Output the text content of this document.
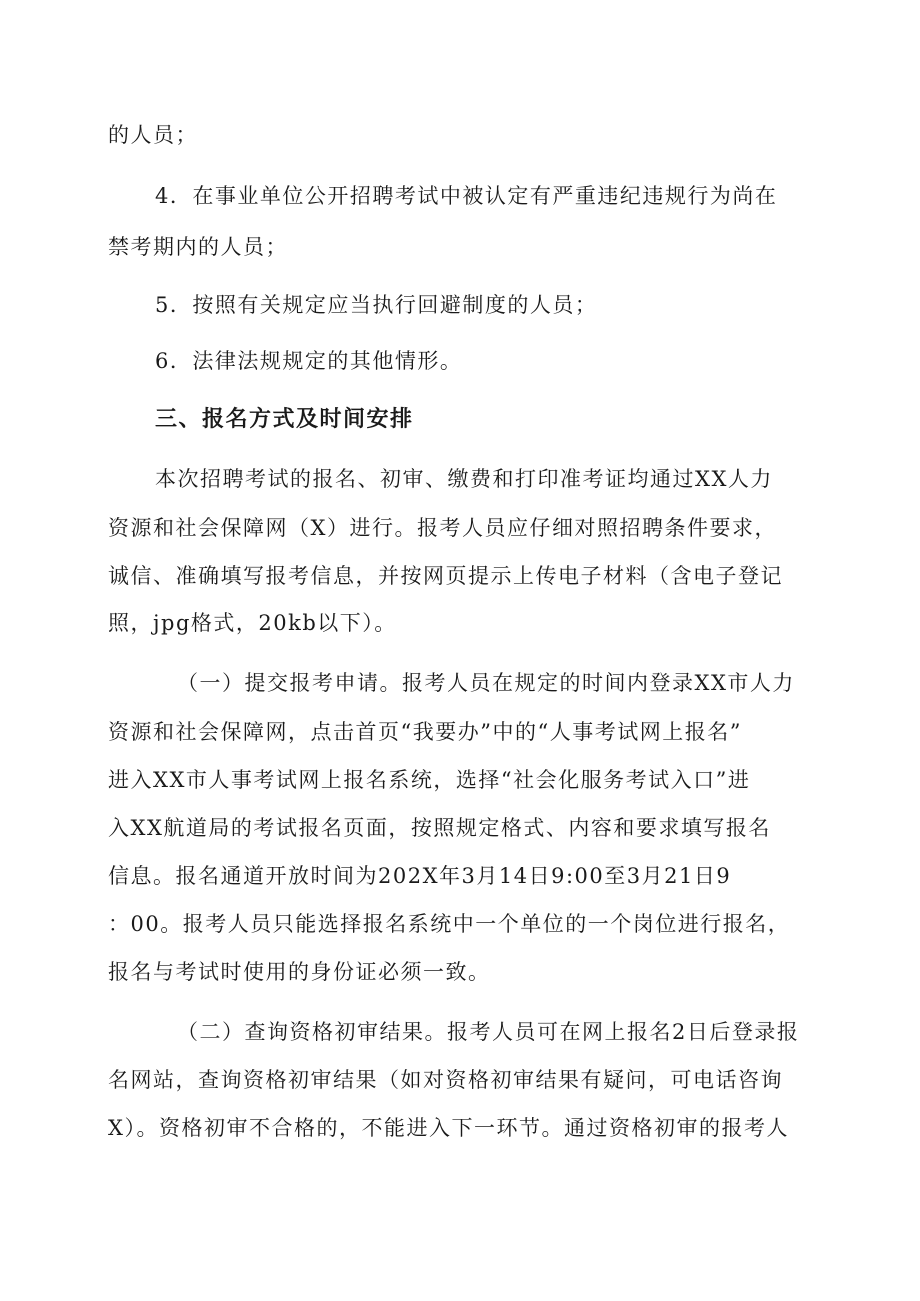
的人员；
4．在事业单位公开招聘考试中被认定有严重违纪违规行为尚在
禁考期内的人员；
5．按照有关规定应当执行回避制度的人员；
6．法律法规规定的其他情形。
三、报名方式及时间安排
本次招聘考试的报名、初审、缴费和打印准考证均通过XX人力
资源和社会保障网（X）进行。报考人员应仔细对照招聘条件要求，
诚信、准确填写报考信息，并按网页提示上传电子材料（含电子登记
照，jpg格式，20kb以下）。
（一）提交报考申请。报考人员在规定的时间内登录XX市人力
资源和社会保障网，点击首页“我要办”中的“人事考试网上报名”
进入XX市人事考试网上报名系统，选择“社会化服务考试入口”进
入XX航道局的考试报名页面，按照规定格式、内容和要求填写报名
信息。报名通道开放时间为202X年3月14日9:00至3月21日9
：00。报考人员只能选择报名系统中一个单位的一个岗位进行报名，
报名与考试时使用的身份证必须一致。
（二）查询资格初审结果。报考人员可在网上报名2日后登录报
名网站，查询资格初审结果（如对资格初审结果有疑问，可电话咨询
X）。资格初审不合格的，不能进入下一环节。通过资格初审的报考人
